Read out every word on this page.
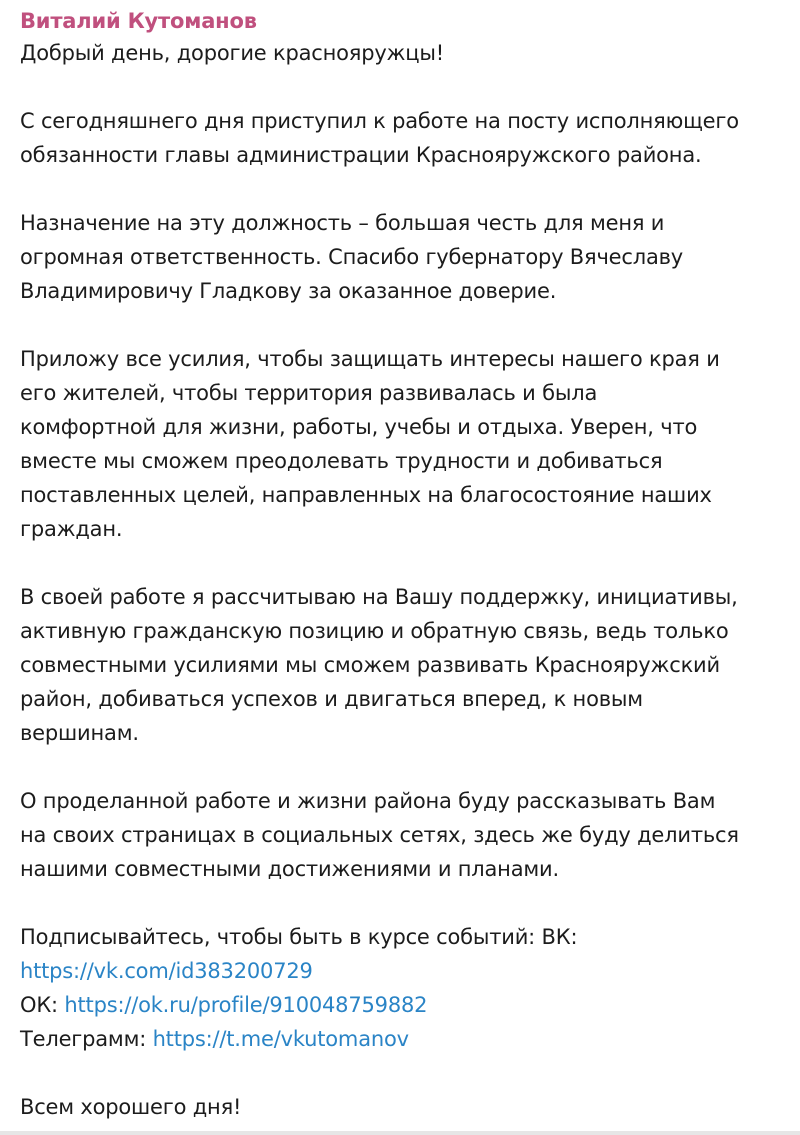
Виталий Кутоманов
Добрый день, дорогие краснояружцы!
С сегодняшнего дня приступил к работе на посту исполняющего
обязанности главы администрации Краснояружского района.
Назначение на эту должность – большая честь для меня и
огромная ответственность. Спасибо губернатору Вячеславу
Владимировичу Гладкову за оказанное доверие.
Приложу все усилия, чтобы защищать интересы нашего края и
его жителей, чтобы территория развивалась и была
комфортной для жизни, работы, учебы и отдыха. Уверен, что
вместе мы сможем преодолевать трудности и добиваться
поставленных целей, направленных на благосостояние наших
граждан.
В своей работе я рассчитываю на Вашу поддержку, инициативы,
активную гражданскую позицию и обратную связь, ведь только
совместными усилиями мы сможем развивать Краснояружский
район, добиваться успехов и двигаться вперед, к новым
вершинам.
О проделанной работе и жизни района буду рассказывать Вам
на своих страницах в социальных сетях, здесь же буду делиться
нашими совместными достижениями и планами.
Подписывайтесь, чтобы быть в курсе событий: ВК:
https://vk.com/id383200729
ОК: https://ok.ru/profile/910048759882
Телеграмм: https://t.me/vkutomanov
Всем хорошего дня!
